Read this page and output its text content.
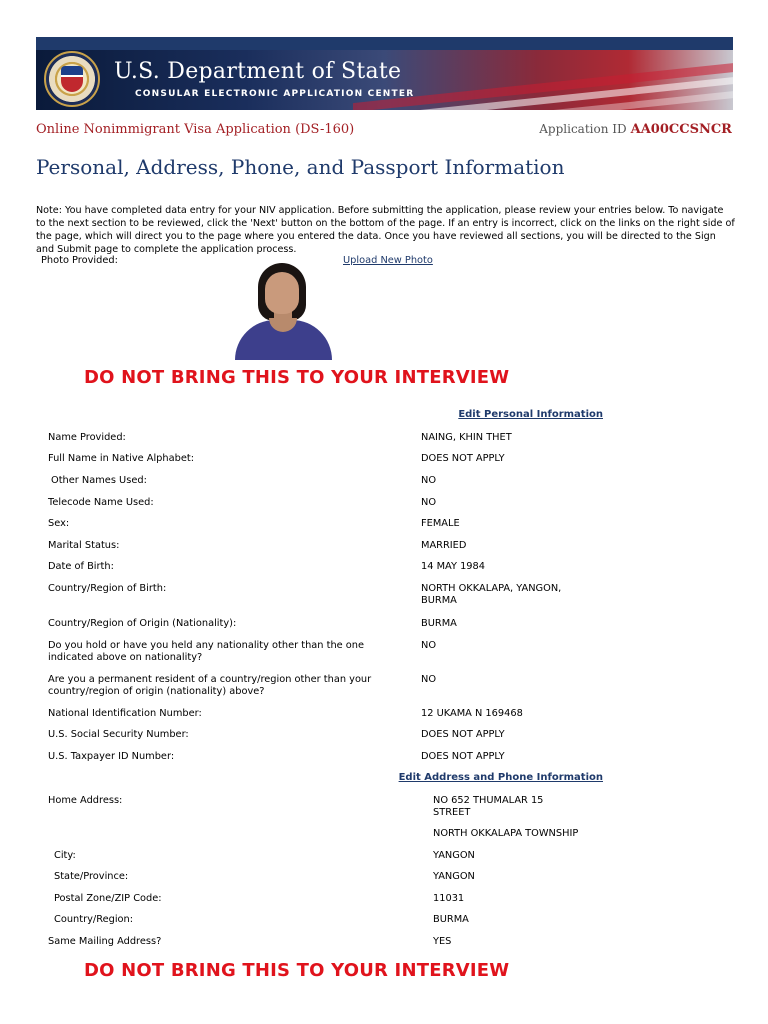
U.S. Department of State
CONSULAR ELECTRONIC APPLICATION CENTER
Online Nonimmigrant Visa Application (DS-160)	Application ID AA00CCSNCR
Personal, Address, Phone, and Passport Information
Note: You have completed data entry for your NIV application. Before submitting the application, please review your entries below. To navigate to the next section to be reviewed, click the 'Next' button on the bottom of the page. If an entry is incorrect, click on the links on the right side of the page, which will direct you to the page where you entered the data. Once you have reviewed all sections, you will be directed to the Sign and Submit page to complete the application process.
Photo Provided:	Upload New Photo
DO NOT BRING THIS TO YOUR INTERVIEW
Edit Personal Information
Name Provided:	NAING, KHIN THET
Full Name in Native Alphabet:	DOES NOT APPLY
Other Names Used:	NO
Telecode Name Used:	NO
Sex:	FEMALE
Marital Status:	MARRIED
Date of Birth:	14 MAY 1984
Country/Region of Birth:	NORTH OKKALAPA, YANGON, BURMA
Country/Region of Origin (Nationality):	BURMA
Do you hold or have you held any nationality other than the one indicated above on nationality?
NO
Are you a permanent resident of a country/region other than your country/region of origin (nationality) above?
NO
National Identification Number:	12 UKAMA N 169468
U.S. Social Security Number:	DOES NOT APPLY
U.S. Taxpayer ID Number:	DOES NOT APPLY
Edit Address and Phone Information
Home Address:	NO 652 THUMALAR 15 STREET
NORTH OKKALAPA TOWNSHIP
City:	YANGON
State/Province:	YANGON
Postal Zone/ZIP Code:	11031
Country/Region:	BURMA
Same Mailing Address?	YES
DO NOT BRING THIS TO YOUR INTERVIEW
